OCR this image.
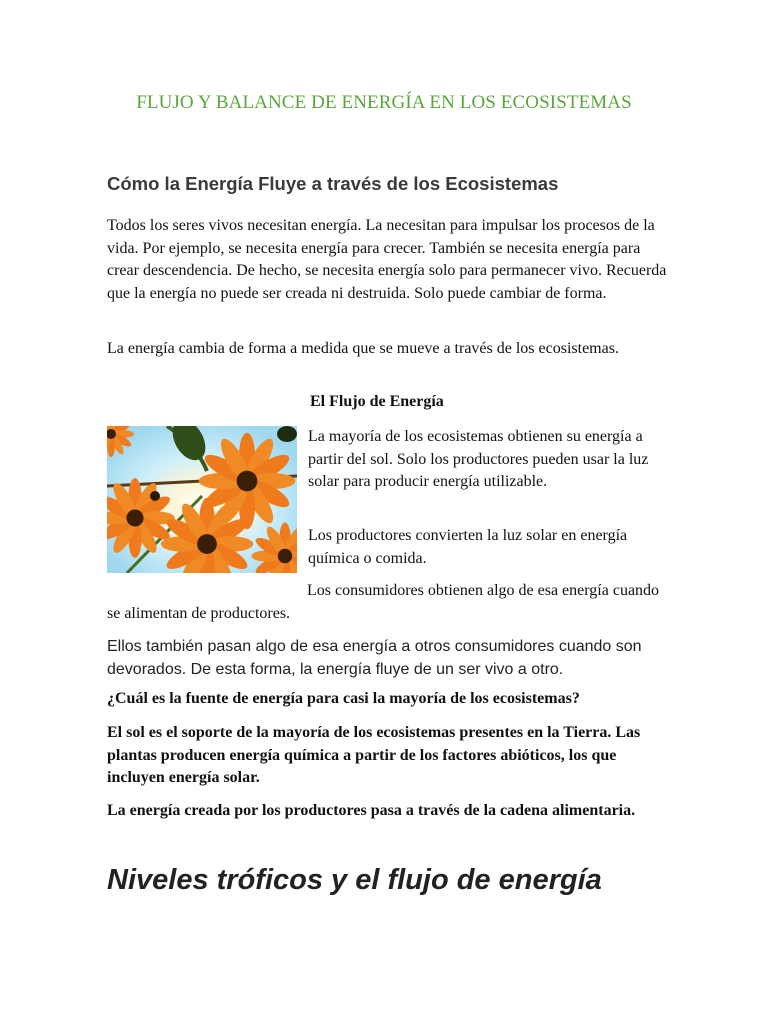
FLUJO Y BALANCE DE ENERGÍA EN LOS ECOSISTEMAS
Cómo la Energía Fluye a través de los Ecosistemas

Todos los seres vivos necesitan energía. La necesitan para impulsar los procesos de la vida. Por ejemplo, se necesita energía para crecer. También se necesita energía para crear descendencia. De hecho, se necesita energía solo para permanecer vivo. Recuerda que la energía no puede ser creada ni destruida. Solo puede cambiar de forma.

La energía cambia de forma a medida que se mueve a través de los ecosistemas.

El Flujo de Energía

La mayoría de los ecosistemas obtienen su energía a partir del sol. Solo los productores pueden usar la luz solar para producir energía utilizable.

Los productores convierten la luz solar en energía química o comida.

Los consumidores obtienen algo de esa energía cuando se alimentan de productores.

Ellos también pasan algo de esa energía a otros consumidores cuando son devorados. De esta forma, la energía fluye de un ser vivo a otro.

¿Cuál es la fuente de energía para casi la mayoría de los ecosistemas?

El sol es el soporte de la mayoría de los ecosistemas presentes en la Tierra. Las plantas producen energía química a partir de los factores abióticos, los que incluyen energía solar.

La energía creada por los productores pasa a través de la cadena alimentaria.

Niveles tróficos y el flujo de energía
